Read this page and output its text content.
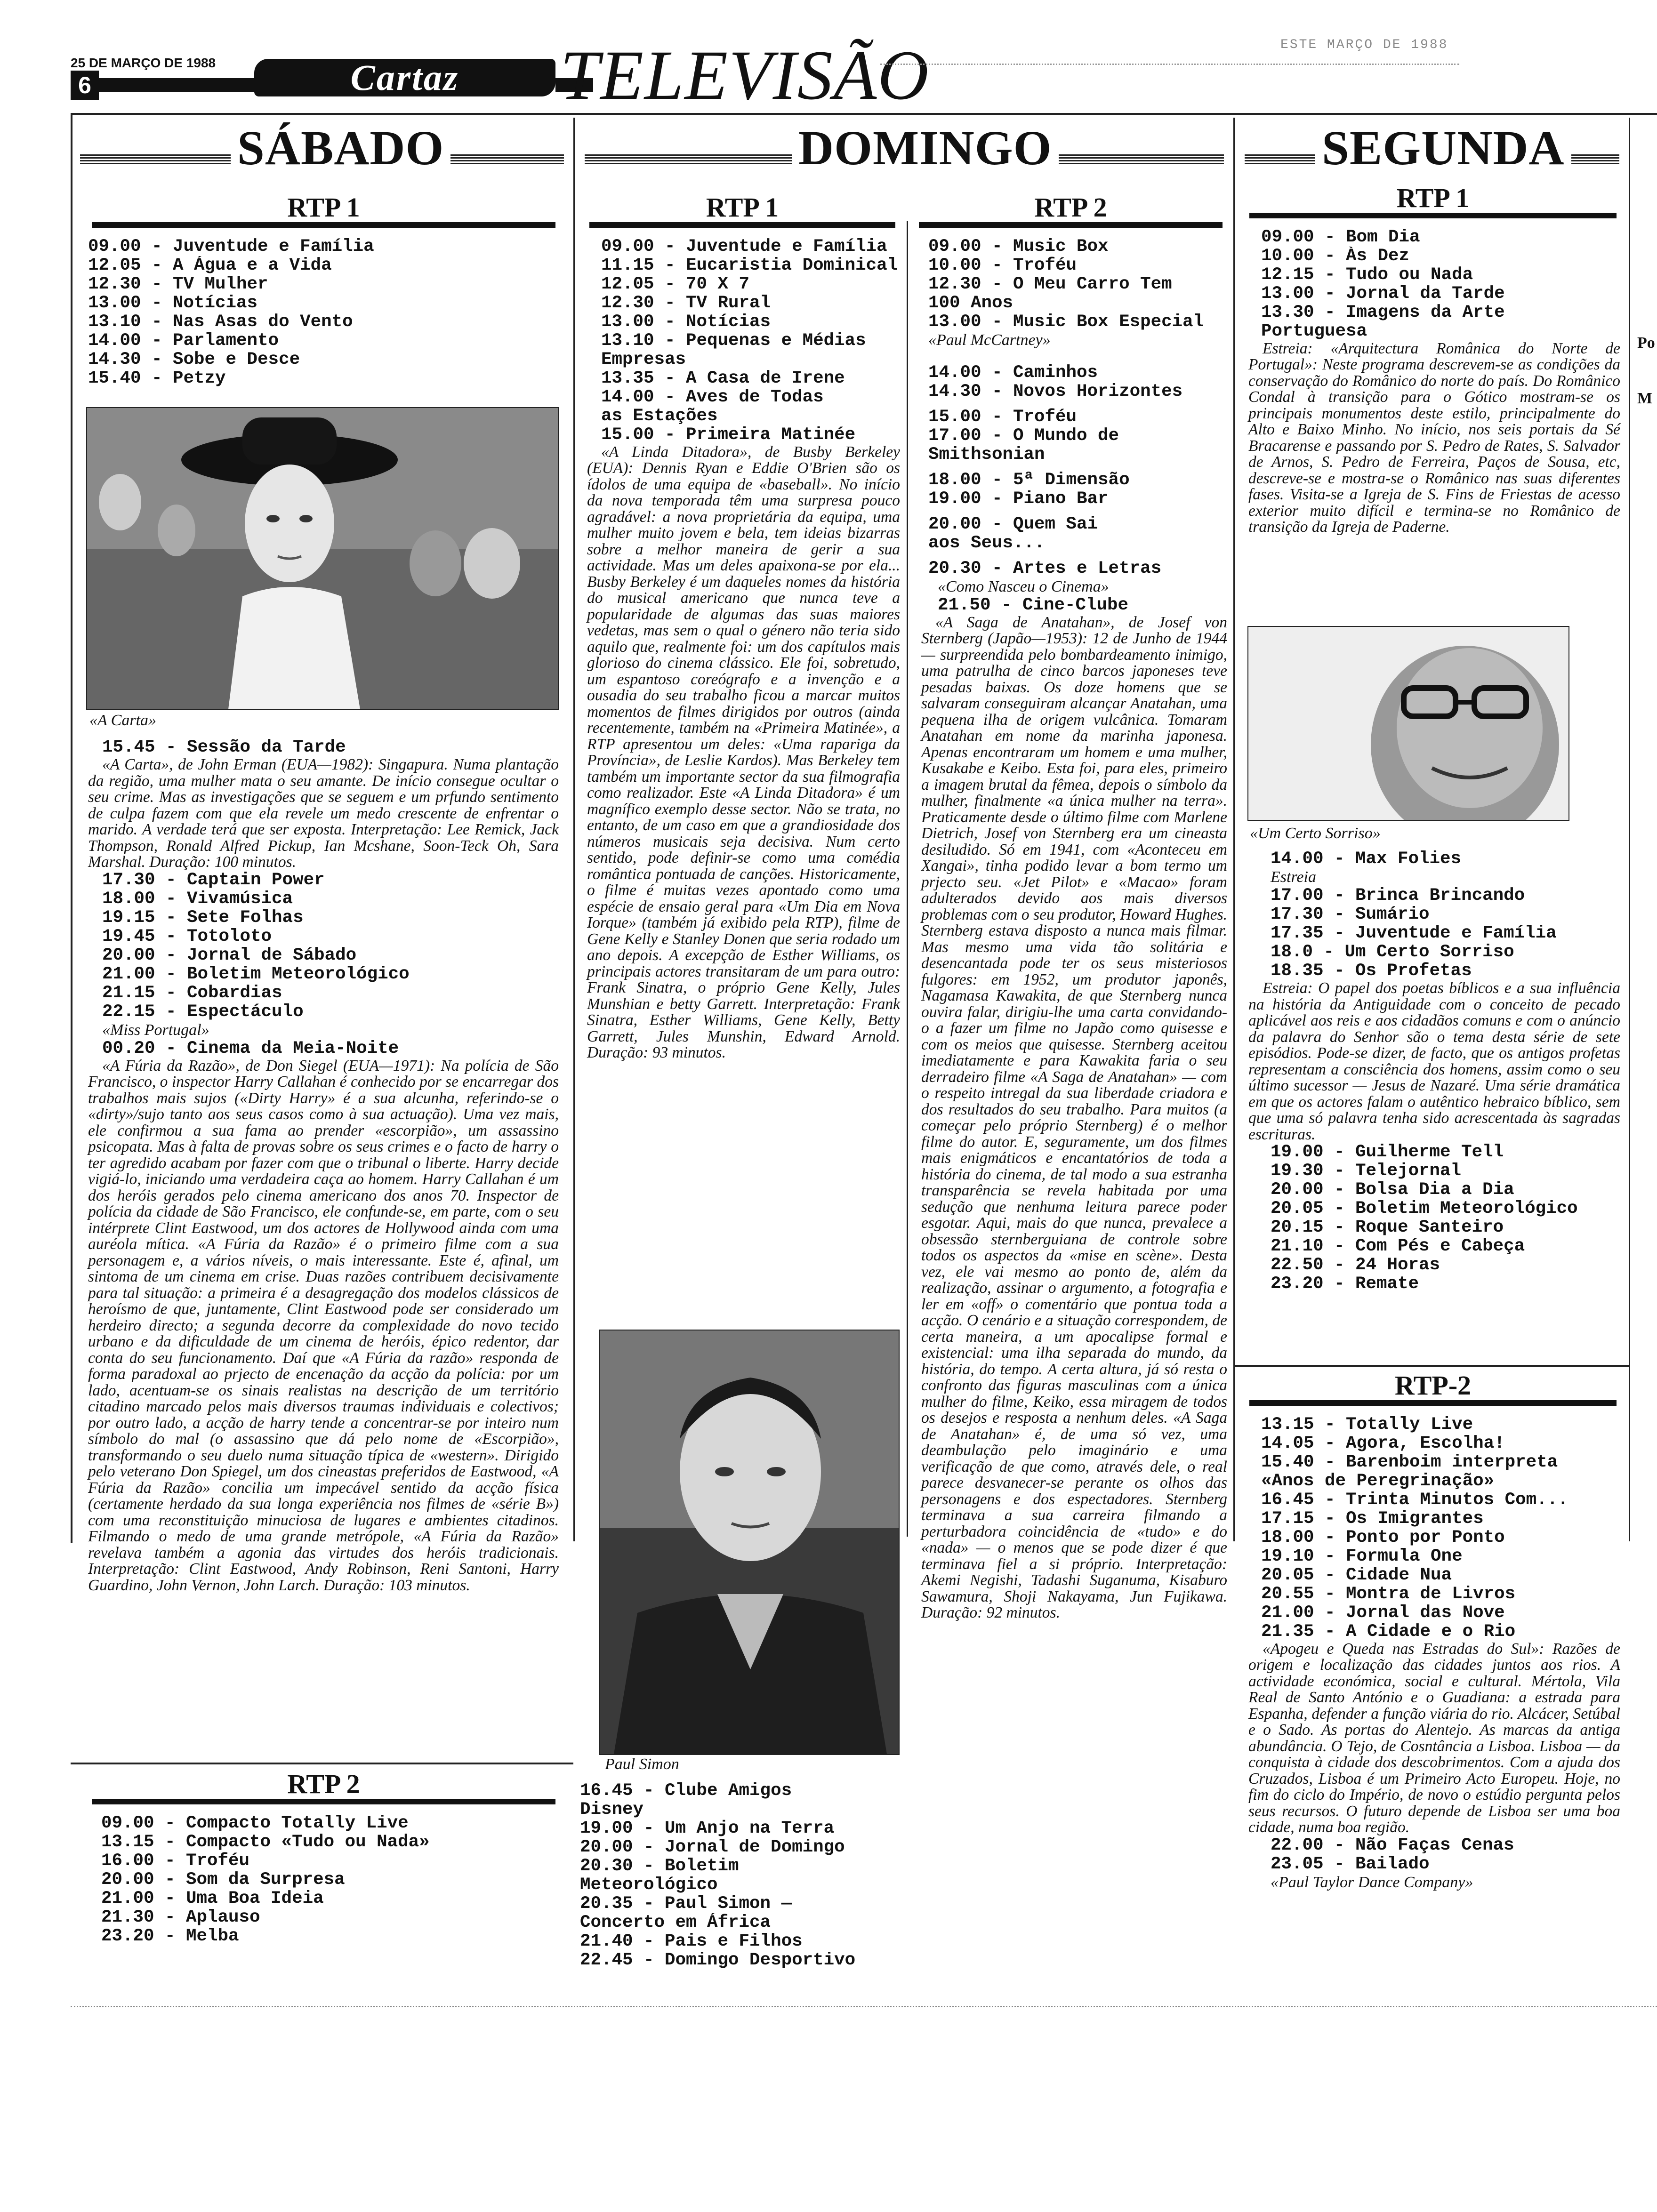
25 DE MARÇO DE 1988
6	Cartaz	TELEVISÃO	ESTE MARÇO DE 1988
SÁBADO
RTP 1
09.00 - Juventude e Família
12.05 - A Água e a Vida
12.30 - TV Mulher
13.00 - Notícias
13.10 - Nas Asas do Vento
14.00 - Parlamento
14.30 - Sobe e Desce
15.40 - Petzy
«A Carta»
15.45 - Sessão da Tarde
«A Carta», de John Erman (EUA—1982): Singapura. Numa plantação da região, uma mulher mata o seu amante. De início consegue ocultar o seu crime. Mas as investigações que se seguem e um prfundo sentimento de culpa fazem com que ela revele um medo crescente de enfrentar o marido. A verdade terá que ser exposta. Interpretação: Lee Remick, Jack Thompson, Ronald Alfred Pickup, Ian Mcshane, Soon-Teck Oh, Sara Marshal. Duração: 100 minutos.
17.30 - Captain Power
18.00 - Vivamúsica
19.15 - Sete Folhas
19.45 - Totoloto
20.00 - Jornal de Sábado
21.00 - Boletim Meteorológico
21.15 - Cobardias
22.15 - Espectáculo
«Miss Portugal»
00.20 - Cinema da Meia-Noite
«A Fúria da Razão», de Don Siegel (EUA—1971): Na polícia de São Francisco, o inspector Harry Callahan é conhecido por se encarregar dos trabalhos mais sujos («Dirty Harry» é a sua alcunha, referindo-se o «dirty»/sujo tanto aos seus casos como à sua actuação). Uma vez mais, ele confirmou a sua fama ao prender «escorpião», um assassino psicopata. Mas à falta de provas sobre os seus crimes e o facto de harry o ter agredido acabam por fazer com que o tribunal o liberte. Harry decide vigiá-lo, iniciando uma verdadeira caça ao homem. Harry Callahan é um dos heróis gerados pelo cinema americano dos anos 70. Inspector de polícia da cidade de São Francisco, ele confunde-se, em parte, com o seu intérprete Clint Eastwood, um dos actores de Hollywood ainda com uma auréola mítica. «A Fúria da Razão» é o primeiro filme com a sua personagem e, a vários níveis, o mais interessante. Este é, afinal, um sintoma de um cinema em crise. Duas razões contribuem decisivamente para tal situação: a primeira é a desagregação dos modelos clássicos de heroísmo de que, juntamente, Clint Eastwood pode ser considerado um herdeiro directo; a segunda decorre da complexidade do novo tecido urbano e da dificuldade de um cinema de heróis, épico redentor, dar conta do seu funcionamento. Daí que «A Fúria da razão» responda de forma paradoxal ao prjecto de encenação da acção da polícia: por um lado, acentuam-se os sinais realistas na descrição de um território citadino marcado pelos mais diversos traumas individuais e colectivos; por outro lado, a acção de harry tende a concentrar-se por inteiro num símbolo do mal (o assassino que dá pelo nome de «Escorpião», transformando o seu duelo numa situação típica de «western». Dirigido pelo veterano Don Spiegel, um dos cineastas preferidos de Eastwood, «A Fúria da Razão» concilia um impecável sentido da acção física (certamente herdado da sua longa experiência nos filmes de «série B») com uma reconstituição minuciosa de lugares e ambientes citadinos. Filmando o medo de uma grande metrópole, «A Fúria da Razão» revelava também a agonia das virtudes dos heróis tradicionais. Interpretação: Clint Eastwood, Andy Robinson, Reni Santoni, Harry Guardino, John Vernon, John Larch. Duração: 103 minutos.
RTP 2
09.00 - Compacto Totally Live
13.15 - Compacto «Tudo ou Nada»
16.00 - Troféu
20.00 - Som da Surpresa
21.00 - Uma Boa Ideia
21.30 - Aplauso
23.20 - Melba
DOMINGO
RTP 1
09.00 - Juventude e Família
11.15 - Eucaristia Dominical
12.05 - 70 X 7
12.30 - TV Rural
13.00 - Notícias
13.10 - Pequenas e Médias
Empresas
13.35 - A Casa de Irene
14.00 - Aves de Todas
as Estações
15.00 - Primeira Matinée
«A Linda Ditadora», de Busby Berkeley (EUA): Dennis Ryan e Eddie O'Brien são os ídolos de uma equipa de «baseball». No início da nova temporada têm uma surpresa pouco agradável: a nova proprietária da equipa, uma mulher muito jovem e bela, tem ideias bizarras sobre a melhor maneira de gerir a sua actividade. Mas um deles apaixona-se por ela... Busby Berkeley é um daqueles nomes da história do musical americano que nunca teve a popularidade de algumas das suas maiores vedetas, mas sem o qual o género não teria sido aquilo que, realmente foi: um dos capítulos mais glorioso do cinema clássico. Ele foi, sobretudo, um espantoso coreógrafo e a invenção e a ousadia do seu trabalho ficou a marcar muitos momentos de filmes dirigidos por outros (ainda recentemente, também na «Primeira Matinée», a RTP apresentou um deles: «Uma rapariga da Província», de Leslie Kardos). Mas Berkeley tem também um importante sector da sua filmografia como realizador. Este «A Linda Ditadora» é um magnífico exemplo desse sector. Não se trata, no entanto, de um caso em que a grandiosidade dos números musicais seja decisiva. Num certo sentido, pode definir-se como uma comédia romântica pontuada de canções. Historicamente, o filme é muitas vezes apontado como uma espécie de ensaio geral para «Um Dia em Nova Iorque» (também já exibido pela RTP), filme de Gene Kelly e Stanley Donen que seria rodado um ano depois. A excepção de Esther Williams, os principais actores transitaram de um para outro: Frank Sinatra, o próprio Gene Kelly, Jules Munshian e betty Garrett. Interpretação: Frank Sinatra, Esther Williams, Gene Kelly, Betty Garrett, Jules Munshin, Edward Arnold. Duração: 93 minutos.
Paul Simon
16.45 - Clube Amigos
Disney
19.00 - Um Anjo na Terra
20.00 - Jornal de Domingo
20.30 - Boletim
Meteorológico
20.35 - Paul Simon —
Concerto em África
21.40 - Pais e Filhos
22.45 - Domingo Desportivo
RTP 2
09.00 - Music Box
10.00 - Troféu
12.30 - O Meu Carro Tem
100 Anos
13.00 - Music Box Especial
«Paul McCartney»
14.00 - Caminhos
14.30 - Novos Horizontes

15.00 - Troféu
17.00 - O Mundo de
Smithsonian

18.00 - 5ª Dimensão
19.00 - Piano Bar

20.00 - Quem Sai
aos Seus...

20.30 - Artes e Letras
«Como Nasceu o Cinema»
21.50 - Cine-Clube
«A Saga de Anatahan», de Josef von Sternberg (Japão—1953): 12 de Junho de 1944 — surpreendida pelo bombardeamento inimigo, uma patrulha de cinco barcos japoneses teve pesadas baixas. Os doze homens que se salvaram conseguiram alcançar Anatahan, uma pequena ilha de origem vulcânica. Tomaram Anatahan em nome da marinha japonesa. Apenas encontraram um homem e uma mulher, Kusakabe e Keibo. Esta foi, para eles, primeiro a imagem brutal da fêmea, depois o símbolo da mulher, finalmente «a única mulher na terra». Praticamente desde o último filme com Marlene Dietrich, Josef von Sternberg era um cineasta desiludido. Só em 1941, com «Aconteceu em Xangai», tinha podido levar a bom termo um prjecto seu. «Jet Pilot» e «Macao» foram adulterados devido aos mais diversos problemas com o seu produtor, Howard Hughes. Sternberg estava disposto a nunca mais filmar. Mas mesmo uma vida tão solitária e desencantada pode ter os seus misteriosos fulgores: em 1952, um produtor japonês, Nagamasa Kawakita, de que Sternberg nunca ouvira falar, dirigiu-lhe uma carta convidando-o a fazer um filme no Japão como quisesse e com os meios que quisesse. Sternberg aceitou imediatamente e para Kawakita faria o seu derradeiro filme «A Saga de Anatahan» — com o respeito intregal da sua liberdade criadora e dos resultados do seu trabalho. Para muitos (a começar pelo próprio Sternberg) é o melhor filme do autor. E, seguramente, um dos filmes mais enigmáticos e encantatórios de toda a história do cinema, de tal modo a sua estranha transparência se revela habitada por uma sedução que nenhuma leitura parece poder esgotar. Aqui, mais do que nunca, prevalece a obsessão sternberguiana de controle sobre todos os aspectos da «mise en scène». Desta vez, ele vai mesmo ao ponto de, além da realização, assinar o argumento, a fotografia e ler em «off» o comentário que pontua toda a acção. O cenário e a situação correspondem, de certa maneira, a um apocalipse formal e existencial: uma ilha separada do mundo, da história, do tempo. A certa altura, já só resta o confronto das figuras masculinas com a única mulher do filme, Keiko, essa miragem de todos os desejos e resposta a nenhum deles. «A Saga de Anatahan» é, de uma só vez, uma deambulação pelo imaginário e uma verificação de que como, através dele, o real parece desvanecer-se perante os olhos das personagens e dos espectadores. Sternberg terminava a sua carreira filmando a perturbadora coincidência de «tudo» e do «nada» — o menos que se pode dizer é que terminava fiel a si próprio. Interpretação: Akemi Negishi, Tadashi Suganuma, Kisaburo Sawamura, Shoji Nakayama, Jun Fujikawa. Duração: 92 minutos.
SEGUNDA
RTP 1
09.00 - Bom Dia
10.00 - Às Dez
12.15 - Tudo ou Nada
13.00 - Jornal da Tarde
13.30 - Imagens da Arte
Portuguesa
Estreia: «Arquitectura Românica do Norte de Portugal»: Neste programa descrevem-se as condições da conservação do Românico do norte do país. Do Românico Condal à transição para o Gótico mostram-se os principais monumentos deste estilo, principalmente do Alto e Baixo Minho. No início, nos seis portais da Sé Bracarense e passando por S. Pedro de Rates, S. Salvador de Arnos, S. Pedro de Ferreira, Paços de Sousa, etc, descreve-se e mostra-se o Românico nas suas diferentes fases. Visita-se a Igreja de S. Fins de Friestas de acesso exterior muito difícil e termina-se no Românico de transição da Igreja de Paderne.
«Um Certo Sorriso»
14.00 - Max Folies
Estreia
17.00 - Brinca Brincando
17.30 - Sumário
17.35 - Juventude e Família
18.0 - Um Certo Sorriso
18.35 - Os Profetas
Estreia: O papel dos poetas bíblicos e a sua influência na história da Antiguidade com o conceito de pecado aplicável aos reis e aos cidadãos comuns e com o anúncio da palavra do Senhor são o tema desta série de sete episódios. Pode-se dizer, de facto, que os antigos profetas representam a consciência dos homens, assim como o seu último sucessor — Jesus de Nazaré. Uma série dramática em que os actores falam o autêntico hebraico bíblico, sem que uma só palavra tenha sido acrescentada às sagradas escrituras.
19.00 - Guilherme Tell
19.30 - Telejornal
20.00 - Bolsa Dia a Dia
20.05 - Boletim Meteorológico
20.15 - Roque Santeiro
21.10 - Com Pés e Cabeça
22.50 - 24 Horas
23.20 - Remate
RTP-2
13.15 - Totally Live
14.05 - Agora, Escolha!
15.40 - Barenboim interpreta
«Anos de Peregrinação»
16.45 - Trinta Minutos Com...
17.15 - Os Imigrantes
18.00 - Ponto por Ponto
19.10 - Formula One
20.05 - Cidade Nua
20.55 - Montra de Livros
21.00 - Jornal das Nove
21.35 - A Cidade e o Rio
«Apogeu e Queda nas Estradas do Sul»: Razões de origem e localização das cidades juntos aos rios. A actividade económica, social e cultural. Mértola, Vila Real de Santo António e o Guadiana: a estrada para Espanha, defender a função viária do rio. Alcácer, Setúbal e o Sado. As portas do Alentejo. As marcas da antiga abundância. O Tejo, de Cosntância a Lisboa. Lisboa — da conquista à cidade dos descobrimentos. Com a ajuda dos Cruzados, Lisboa é um Primeiro Acto Europeu. Hoje, no fim do ciclo do Império, de novo o estúdio pergunta pelos seus recursos. O futuro depende de Lisboa ser uma boa cidade, numa boa região.
22.00 - Não Faças Cenas
23.05 - Bailado
«Paul Taylor Dance Company»
Po
M
